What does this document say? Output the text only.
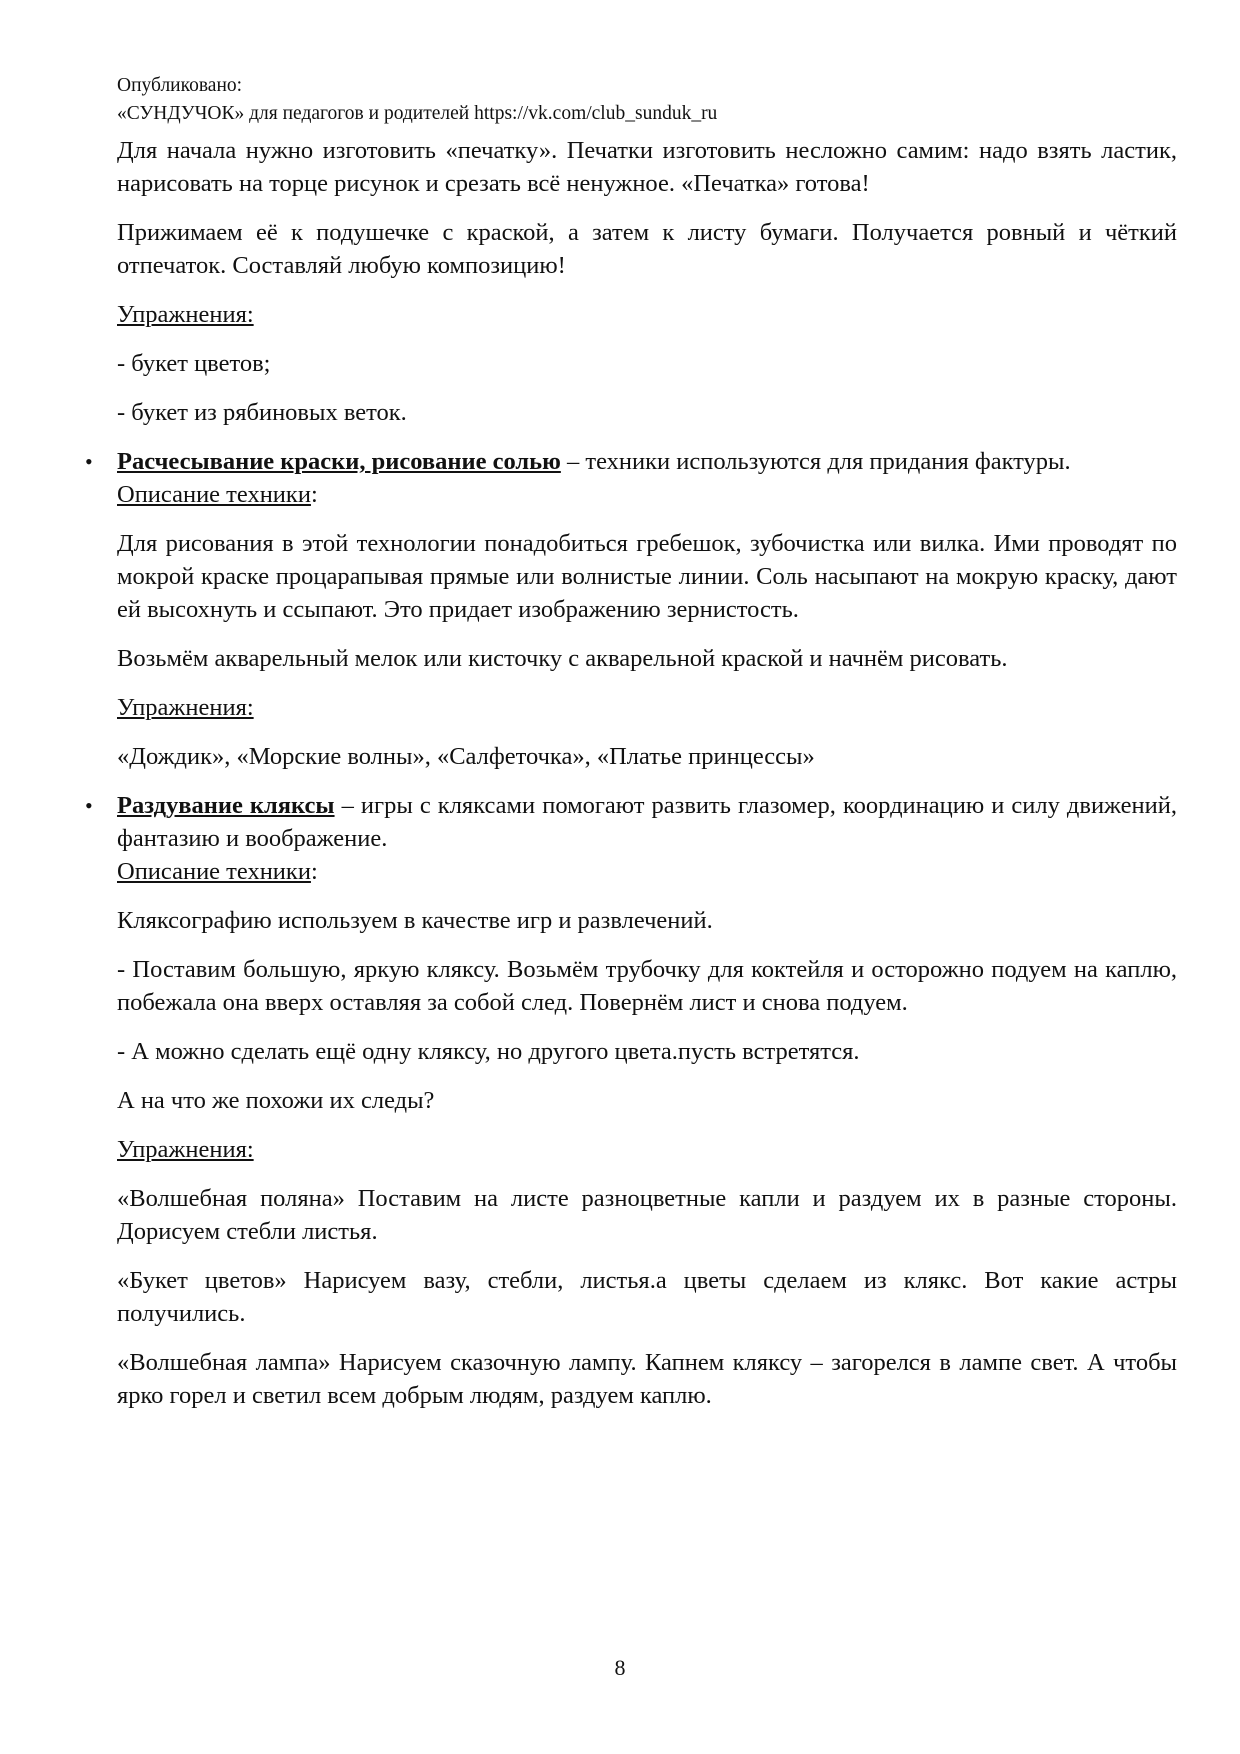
Опубликовано:
«СУНДУЧОК» для педагогов и родителей https://vk.com/club_sunduk_ru

Для начала нужно изготовить «печатку». Печатки изготовить несложно самим: надо взять ластик, нарисовать на торце рисунок и срезать всё ненужное. «Печатка» готова!

Прижимаем её к подушечке с краской, а затем к листу бумаги. Получается ровный и чёткий отпечаток. Составляй любую композицию!

Упражнения:

- букет цветов;

- букет из рябиновых веток.

• Расчесывание краски, рисование солью – техники используются для придания фактуры.

Описание техники:

Для рисования в этой технологии понадобиться гребешок, зубочистка или вилка. Ими проводят по мокрой краске процарапывая прямые или волнистые линии. Соль насыпают на мокрую краску, дают ей высохнуть и ссыпают. Это придает изображению зернистость.

Возьмём акварельный мелок или кисточку с акварельной краской и начнём рисовать.

Упражнения:

«Дождик», «Морские волны», «Салфеточка», «Платье принцессы»

• Раздувание кляксы – игры с кляксами помогают развить глазомер, координацию и силу движений, фантазию и воображение.

Описание техники:

Кляксографию используем в качестве игр и развлечений.

- Поставим большую, яркую кляксу. Возьмём трубочку для коктейля и осторожно подуем на каплю, побежала она вверх оставляя за собой след. Повернём лист и снова подуем.

- А можно сделать ещё одну кляксу, но другого цвета.пусть встретятся.

А на что же похожи их следы?

Упражнения:

«Волшебная поляна» Поставим на листе разноцветные капли и раздуем их в разные стороны. Дорисуем стебли листья.

«Букет цветов» Нарисуем вазу, стебли, листья.а цветы сделаем из клякс. Вот какие астры получились.

«Волшебная лампа» Нарисуем сказочную лампу. Капнем кляксу – загорелся в лампе свет. А чтобы ярко горел и светил всем добрым людям, раздуем каплю.

8
